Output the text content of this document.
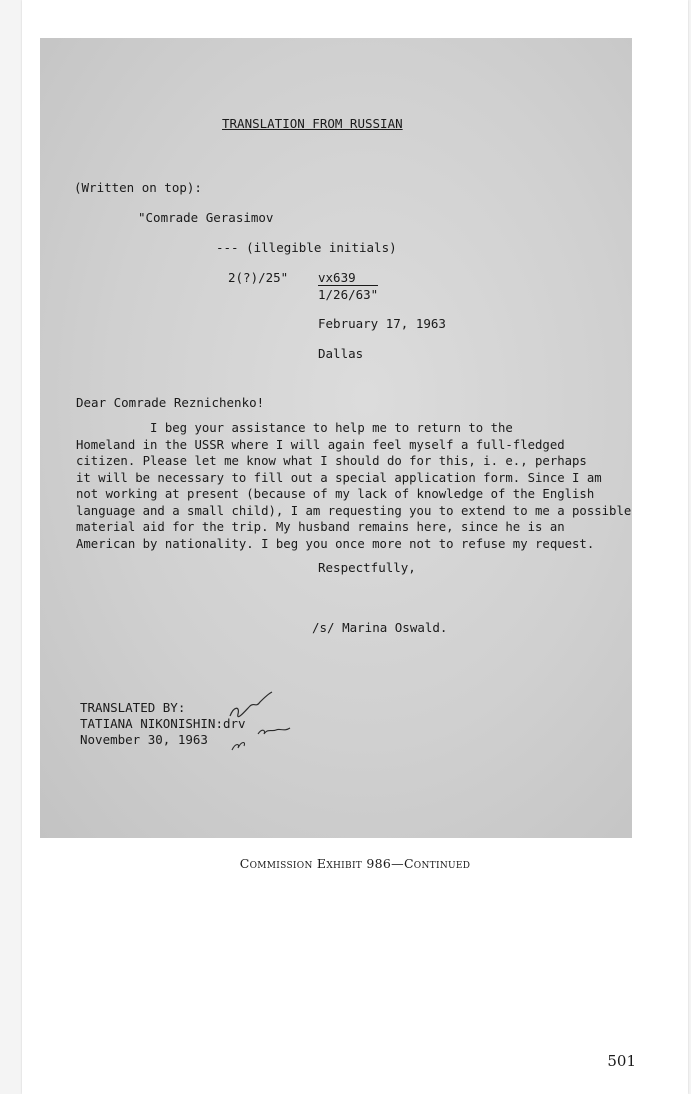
TRANSLATION FROM RUSSIAN
(Written on top):
"Comrade Gerasimov
--- (illegible initials)
2(?)/25" vx639
1/26/63"
February 17, 1963
Dallas
Dear Comrade Reznichenko!
I beg your assistance to help me to return to the
Homeland in the USSR where I will again feel myself a full-fledged
citizen. Please let me know what I should do for this, i. e., perhaps
it will be necessary to fill out a special application form. Since I am
not working at present (because of my lack of knowledge of the English
language and a small child), I am requesting you to extend to me a possible
material aid for the trip. My husband remains here, since he is an
American by nationality. I beg you once more not to refuse my request.
Respectfully,
/s/ Marina Oswald.
TRANSLATED BY:
TATIANA NIKONISHIN:drv
November 30, 1963
Commission Exhibit 986—Continued
501
